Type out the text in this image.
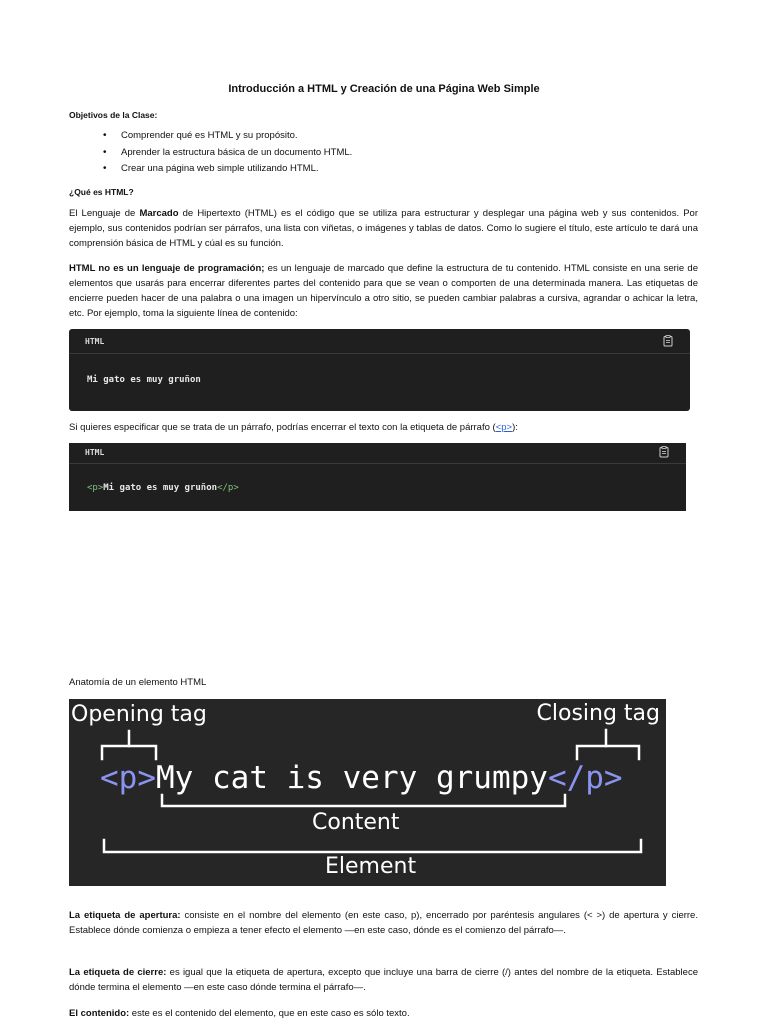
Introducción a HTML y Creación de una Página Web Simple
Objetivos de la Clase:
• Comprender qué es HTML y su propósito.
• Aprender la estructura básica de un documento HTML.
• Crear una página web simple utilizando HTML.
¿Qué es HTML?
El Lenguaje de Marcado de Hipertexto (HTML) es el código que se utiliza para estructurar y desplegar una página web y sus contenidos. Por ejemplo, sus contenidos podrían ser párrafos, una lista con viñetas, o imágenes y tablas de datos. Como lo sugiere el título, este artículo te dará una comprensión básica de HTML y cúal es su función.
HTML no es un lenguaje de programación; es un lenguaje de marcado que define la estructura de tu contenido. HTML consiste en una serie de elementos que usarás para encerrar diferentes partes del contenido para que se vean o comporten de una determinada manera. Las etiquetas de encierre pueden hacer de una palabra o una imagen un hipervínculo a otro sitio, se pueden cambiar palabras a cursiva, agrandar o achicar la letra, etc. Por ejemplo, toma la siguiente línea de contenido:
HTML
Mi gato es muy gruñon
Si quieres especificar que se trata de un párrafo, podrías encerrar el texto con la etiqueta de párrafo (<p>):
HTML
<p>Mi gato es muy gruñon</p>
Anatomía de un elemento HTML
Opening tag	Closing tag
<p>My cat is very grumpy</p>
Content
Element
La etiqueta de apertura: consiste en el nombre del elemento (en este caso, p), encerrado por paréntesis angulares (< >) de apertura y cierre. Establece dónde comienza o empieza a tener efecto el elemento —en este caso, dónde es el comienzo del párrafo—.
La etiqueta de cierre: es igual que la etiqueta de apertura, excepto que incluye una barra de cierre (/) antes del nombre de la etiqueta. Establece dónde termina el elemento —en este caso dónde termina el párrafo—.
El contenido: este es el contenido del elemento, que en este caso es sólo texto.
